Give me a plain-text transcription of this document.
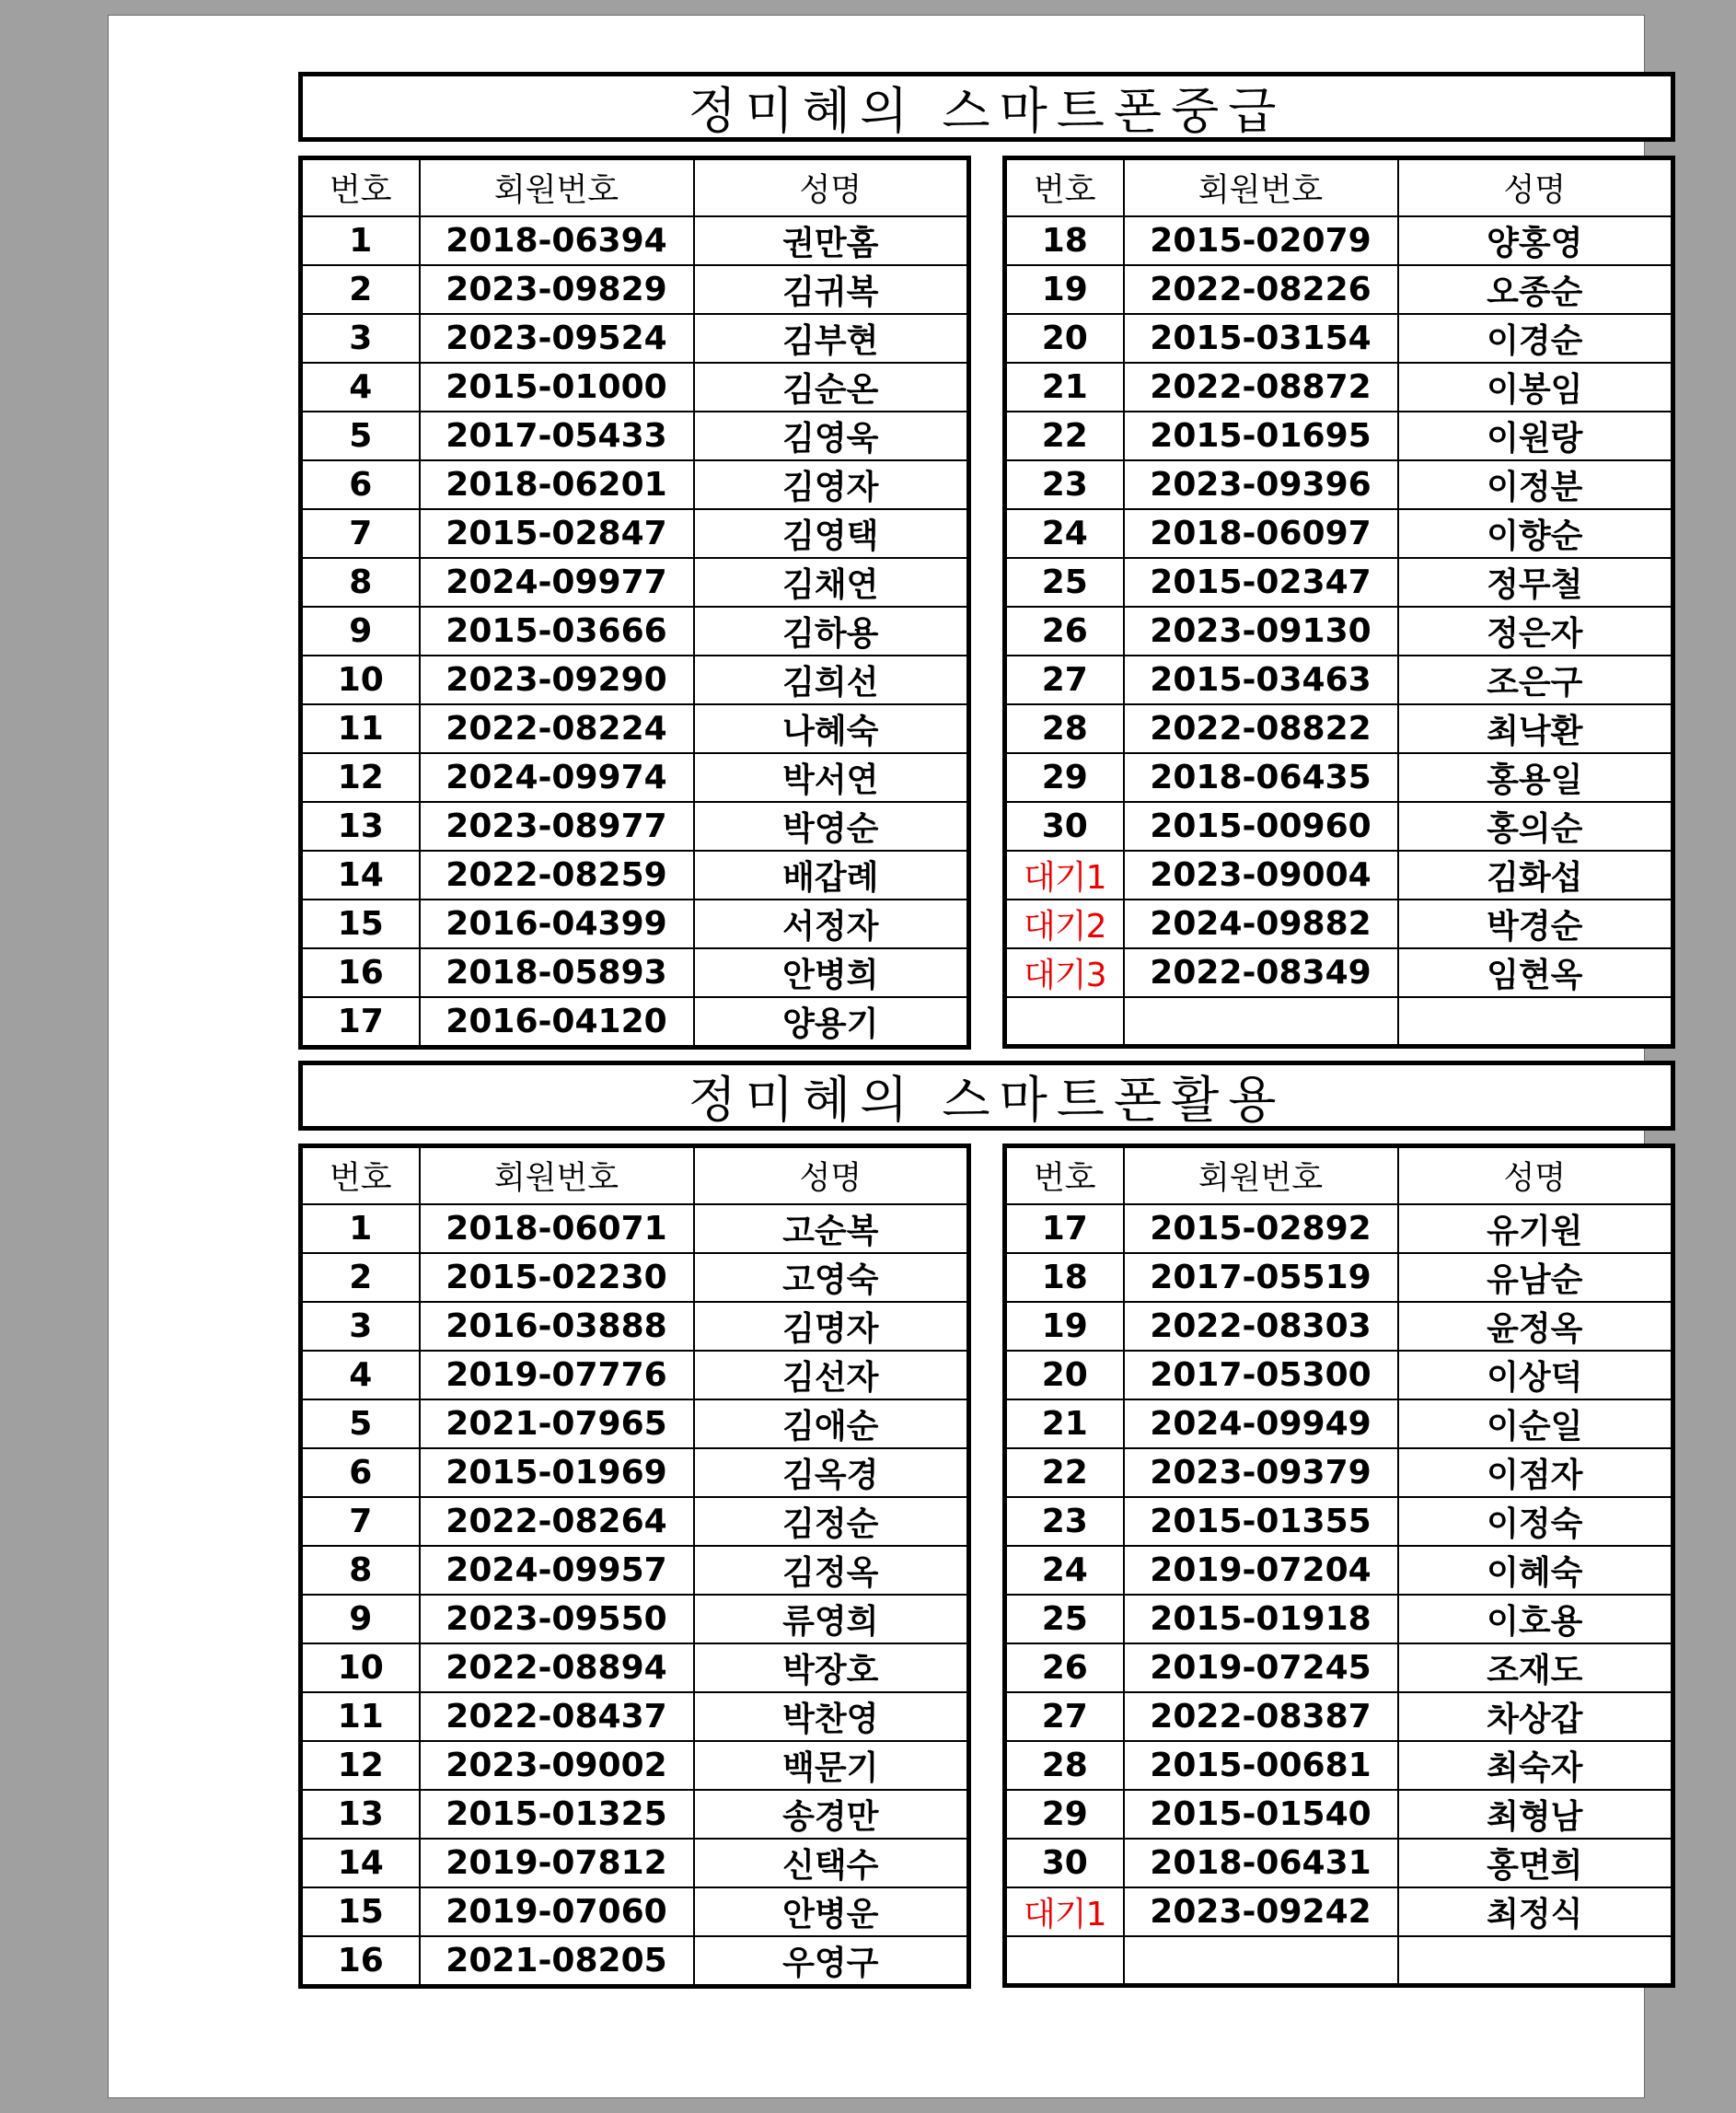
정미혜의 스마트폰중급
번호	회원번호	성명
1	2018-06394	권만홈
2	2023-09829	김귀복
3	2023-09524	김부현
4	2015-01000	김순온
5	2017-05433	김영욱
6	2018-06201	김영자
7	2015-02847	김영택
8	2024-09977	김채연
9	2015-03666	김하용
10	2023-09290	김희선
11	2022-08224	나혜숙
12	2024-09974	박서연
13	2023-08977	박영순
14	2022-08259	배갑례
15	2016-04399	서정자
16	2018-05893	안병희
17	2016-04120	양용기
번호	회원번호	성명
18	2015-02079	양홍영
19	2022-08226	오종순
20	2015-03154	이경순
21	2022-08872	이봉임
22	2015-01695	이원랑
23	2023-09396	이정분
24	2018-06097	이향순
25	2015-02347	정무철
26	2023-09130	정은자
27	2015-03463	조은구
28	2022-08822	최낙환
29	2018-06435	홍용일
30	2015-00960	홍의순
대기1	2023-09004	김화섭
대기2	2024-09882	박경순
대기3	2022-08349	임현옥

정미혜의 스마트폰활용
번호	회원번호	성명
1	2018-06071	고순복
2	2015-02230	고영숙
3	2016-03888	김명자
4	2019-07776	김선자
5	2021-07965	김애순
6	2015-01969	김옥경
7	2022-08264	김정순
8	2024-09957	김정옥
9	2023-09550	류영희
10	2022-08894	박장호
11	2022-08437	박찬영
12	2023-09002	백문기
13	2015-01325	송경만
14	2019-07812	신택수
15	2019-07060	안병운
16	2021-08205	우영구
번호	회원번호	성명
17	2015-02892	유기원
18	2017-05519	유남순
19	2022-08303	윤정옥
20	2017-05300	이상덕
21	2024-09949	이순일
22	2023-09379	이점자
23	2015-01355	이정숙
24	2019-07204	이혜숙
25	2015-01918	이호용
26	2019-07245	조재도
27	2022-08387	차상갑
28	2015-00681	최숙자
29	2015-01540	최형남
30	2018-06431	홍면희
대기1	2023-09242	최정식
